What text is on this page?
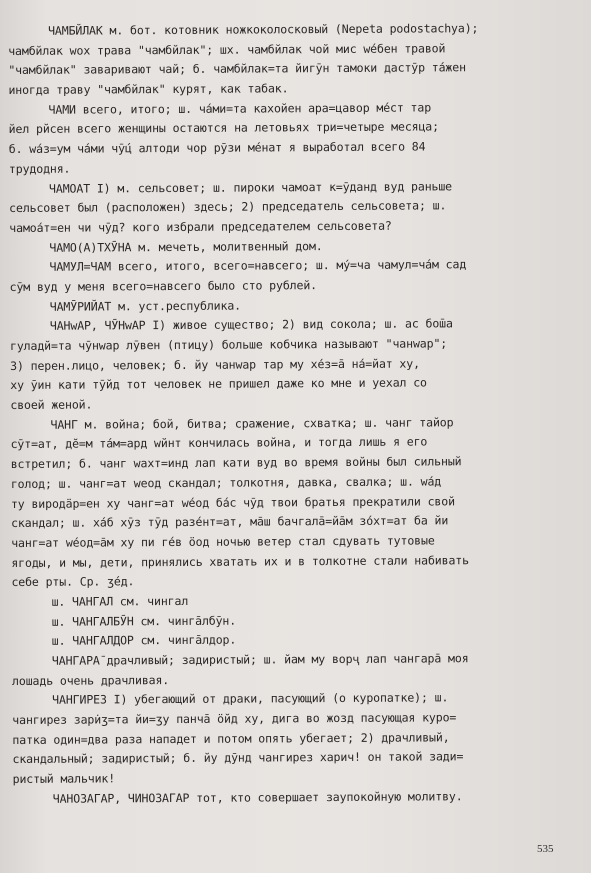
ЧАМБЙЛАК м. бот. котовник ножкоколосковый (Nepeta podostachya);
чамбйлак wох трава "чамбйлак"; шх. чамбйлак чой мис wе́бен травой
"чамбйлак" заваривают чай; б. чамбйлак=та йигӯн тамоки дастӯр та́жен
иногда траву "чамбйлак" курят, как табак.
ЧАМИ всего, итого; ш. ча́ми=та кахойен ара=цавор ме́ст тар
йел рйсен всего женщины остаются на летовьях три=четыре месяца;
б. wа́з=ум ча́ми чӯ́ц алтоди чор рӯзи ме́нат я выработал всего 84
трудодня.
ЧАМОАТ I) м. сельсовет; ш. пироки чамоат к=ӯданд вуд раньше
сельсовет был (расположен) здесь; 2) председатель сельсовета; ш.
чамоа́т=ен чи чӯд? кого избрали председателем сельсовета?
ЧАМО(А)ТХӮНА м. мечеть, молитвенный дом.
ЧАМУЛ=ЧАМ всего, итого, всего=навсего; ш. му́=ча чамул=ча́м сад
сӯм вуд у меня всего=навсего было сто рублей.
ЧАМӮРИЙАТ м. уст.республика.
ЧАНwАР, ЧӮНwАР I) живое существо; 2) вид сокола; ш. ас бош̄а
гуладй=та чӯнwар лӯвен (птицу) больше кобчика называют "чанwар";
3) перен.лицо, человек; б. йу чанwар тар му хе́з=а̄ на́=йат ху,
ху ӯин кати тӯйд тот человек не пришел даже ко мне и уехал со
своей женой.
ЧАНГ м. война; бой, битва; сражение, схватка; ш. чанг тайор
сӯт=ат, дӗ=м та́м=ард wйнт кончилась война, и тогда лишь я его
встретил; б. чанг wахт=инд лап кати вуд во время войны был сильный
голод; ш. чанг=ат wеод скандал; толкотня, давка, свалка; ш. wа́д
ту виродӓр=ен ху чанг=ат wе́од ба́с чӯд твои братья прекратили свой
скандал; ш. ха́б хӯз тӯд разе́нт=ат, ма̄ш бачгала̄=йа̄м зо́хт=ат ба йи
чанг=ат wе́од=а̄м ху пи ге́в ӧод ночью ветер стал сдувать тутовые
ягоды, и мы, дети, принялись хватать их и в толкотне стали набивать
себе рты. Ср. ӡе́д.
ш. ЧАНГАЛ см. чингал
ш. ЧАНГАЛБӮН см. чинга̄лбӯн.
ш. ЧАНГАЛДОР см. чинга̄лдор.
ЧАНГАРА̄ драчливый; задиристый; ш. йам му ворҷ лап чангара̄ моя
лошадь очень драчливая.
ЧАНГИРЕЗ I) убегающий от драки, пасующий (о куропатке); ш.
чангирез зари̇ӡ=та йи=ӡу панча̄ ӧйд ху, дига во жозд пасующая куро=
патка один=два раза нападет и потом опять убегает; 2) драчливый,
скандальный; задиристый; б. йу дӯнд чангирез харич! он такой зади=
ристый мальчик!
ЧАНОЗАГАР, ЧИНОЗАГАР тот, кто совершает заупокойную молитву.
535
